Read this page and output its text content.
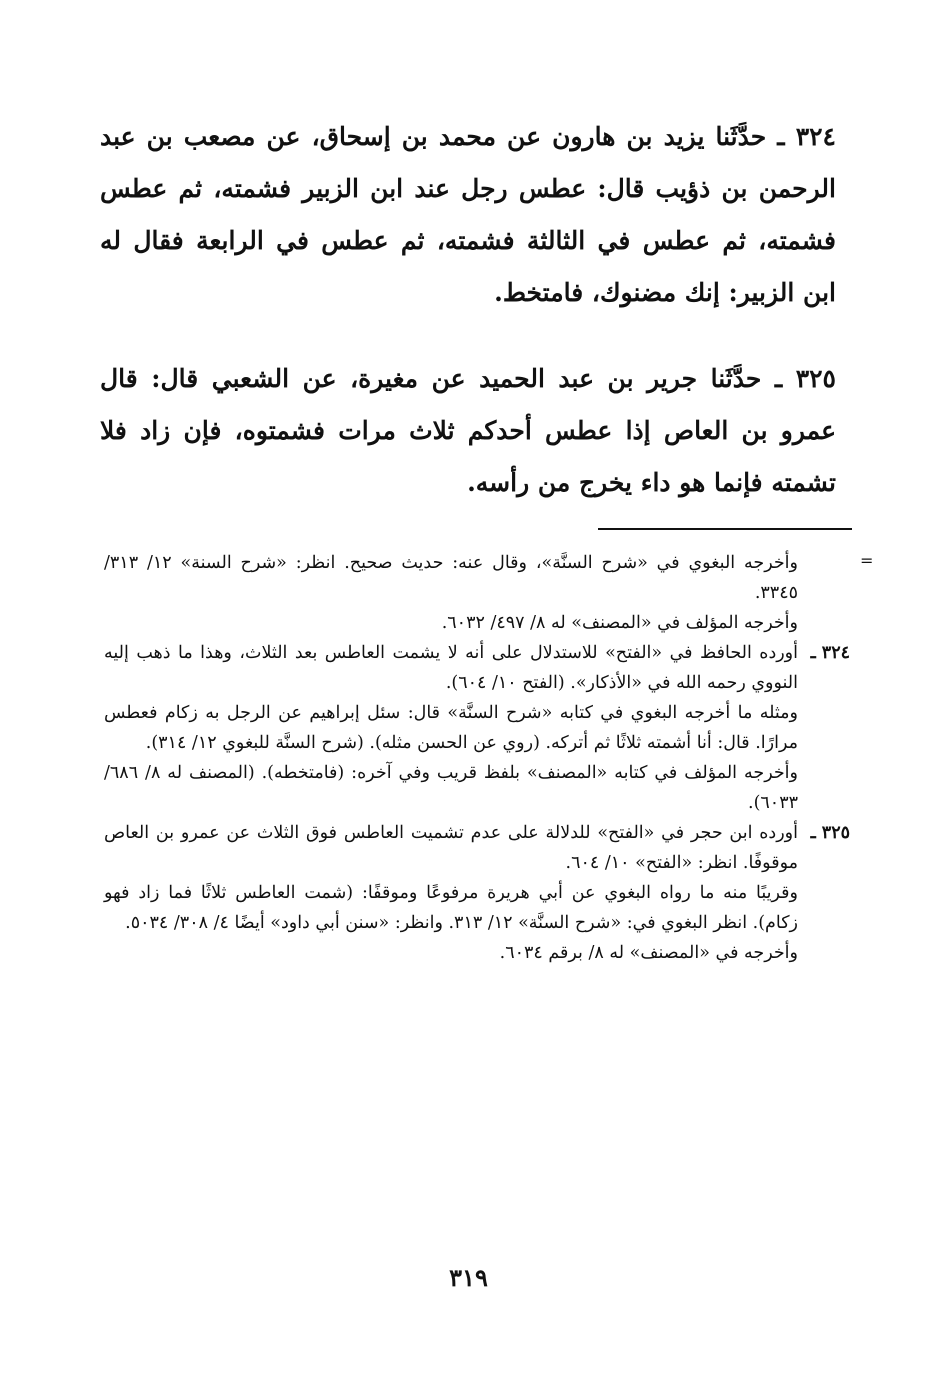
٣٢٤ ـ حدَّثَنا يزيد بن هارون عن محمد بن إسحاق، عن مصعب بن عبد الرحمن بن ذؤيب قال: عطس رجل عند ابن الزبير فشمته، ثم عطس فشمته، ثم عطس في الثالثة فشمته، ثم عطس في الرابعة فقال له ابن الزبير: إنك مضنوك، فامتخط.
٣٢٥ ـ حدَّثَنا جرير بن عبد الحميد عن مغيرة، عن الشعبي قال: قال عمرو بن العاص إذا عطس أحدكم ثلاث مرات فشمتوه، فإن زاد فلا تشمته فإنما هو داء يخرج من رأسه.
=

وأخرجه البغوي في «شرح السنَّة»، وقال عنه: حديث صحيح. انظر: «شرح السنة» ١٢/ ٣١٣/ ٣٣٤٥.

وأخرجه المؤلف في «المصنف» له ٨/ ٤٩٧/ ٦٠٣٢.

٣٢٤ ـ

أورده الحافظ في «الفتح» للاستدلال على أنه لا يشمت العاطس بعد الثلاث، وهذا ما ذهب إليه النووي رحمه الله في «الأذكار». (الفتح ١٠/ ٦٠٤).

ومثله ما أخرجه البغوي في كتابه «شرح السنَّة» قال: سئل إبراهيم عن الرجل به زكام فعطس مرارًا. قال: أنا أشمته ثلاثًا ثم أتركه. (روي عن الحسن مثله). (شرح السنَّة للبغوي ١٢/ ٣١٤).

وأخرجه المؤلف في كتابه «المصنف» بلفظ قريب وفي آخره: (فامتخطه). (المصنف له ٨/ ٦٨٦/ ٦٠٣٣).

٣٢٥ ـ

أورده ابن حجر في «الفتح» للدلالة على عدم تشميت العاطس فوق الثلاث عن عمرو بن العاص موقوفًا. انظر: «الفتح» ١٠/ ٦٠٤.

وقريبًا منه ما رواه البغوي عن أبي هريرة مرفوعًا وموقفًا: (شمت العاطس ثلاثًا فما زاد فهو زكام). انظر البغوي في: «شرح السنَّة» ١٢/ ٣١٣. وانظر: «سنن أبي داود» أيضًا ٤/ ٣٠٨/ ٥٠٣٤.

وأخرجه في «المصنف» له ٨/ برقم ٦٠٣٤.

٣١٩
